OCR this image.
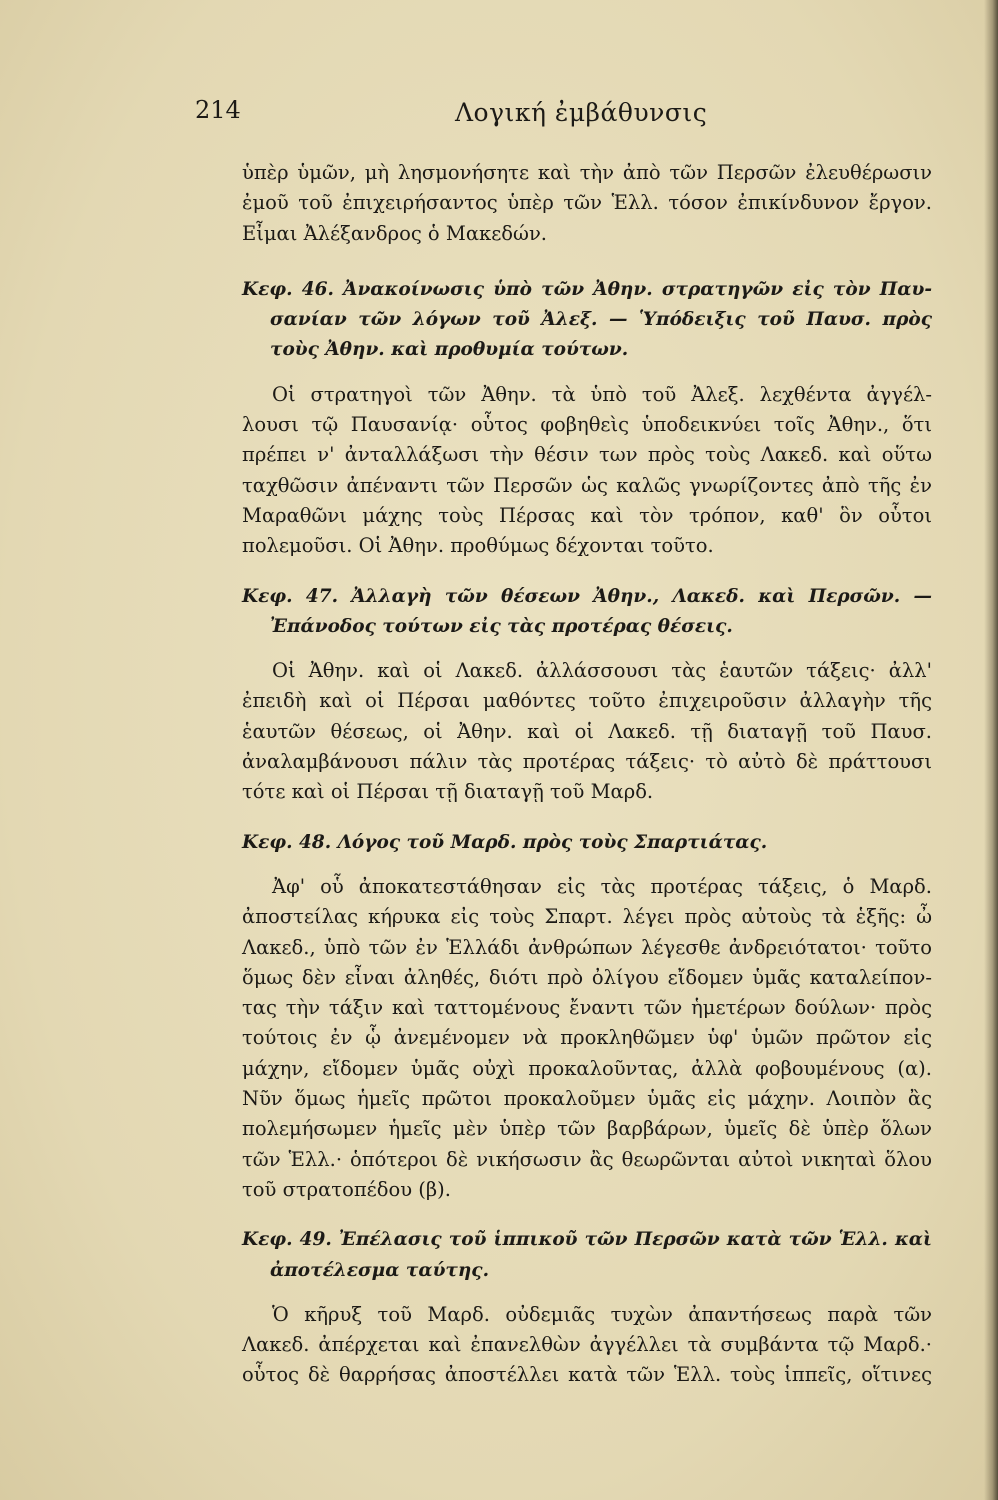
214	Λογική ἐμβάθυνσις
ὑπὲρ ὑμῶν, μὴ λησμονήσητε καὶ τὴν ἀπὸ τῶν Περσῶν ἐλευθέρωσιν
ἐμοῦ τοῦ ἐπιχειρήσαντος ὑπὲρ τῶν Ἑλλ. τόσον ἐπικίνδυνον ἔργον.
Εἶμαι Ἀλέξανδρος ὁ Μακεδών.
Κεφ. 46. Ἀνακοίνωσις ὑπὸ τῶν Ἀθην. στρατηγῶν εἰς τὸν Παυ-
σανίαν τῶν λόγων τοῦ Ἀλεξ. — Ὑπόδειξις τοῦ Παυσ. πρὸς
τοὺς Ἀθην. καὶ προθυμία τούτων.
Οἱ στρατηγοὶ τῶν Ἀθην. τὰ ὑπὸ τοῦ Ἀλεξ. λεχθέντα ἀγγέλ-
λουσι τῷ Παυσανίᾳ· οὗτος φοβηθεὶς ὑποδεικνύει τοῖς Ἀθην., ὅτι
πρέπει ν' ἀνταλλάξωσι τὴν θέσιν των πρὸς τοὺς Λακεδ. καὶ οὕτω
ταχθῶσιν ἀπέναντι τῶν Περσῶν ὡς καλῶς γνωρίζοντες ἀπὸ τῆς ἐν
Μαραθῶνι μάχης τοὺς Πέρσας καὶ τὸν τρόπον, καθ' ὃν οὗτοι
πολεμοῦσι. Οἱ Ἀθην. προθύμως δέχονται τοῦτο.
Κεφ. 47. Ἀλλαγὴ τῶν θέσεων Ἀθην., Λακεδ. καὶ Περσῶν. —
Ἐπάνοδος τούτων εἰς τὰς προτέρας θέσεις.
Οἱ Ἀθην. καὶ οἱ Λακεδ. ἀλλάσσουσι τὰς ἑαυτῶν τάξεις· ἀλλ'
ἐπειδὴ καὶ οἱ Πέρσαι μαθόντες τοῦτο ἐπιχειροῦσιν ἀλλαγὴν τῆς
ἑαυτῶν θέσεως, οἱ Ἀθην. καὶ οἱ Λακεδ. τῇ διαταγῇ τοῦ Παυσ.
ἀναλαμβάνουσι πάλιν τὰς προτέρας τάξεις· τὸ αὐτὸ δὲ πράττουσι
τότε καὶ οἱ Πέρσαι τῇ διαταγῇ τοῦ Μαρδ.
Κεφ. 48. Λόγος τοῦ Μαρδ. πρὸς τοὺς Σπαρτιάτας.
Ἀφ' οὗ ἀποκατεστάθησαν εἰς τὰς προτέρας τάξεις, ὁ Μαρδ.
ἀποστείλας κήρυκα εἰς τοὺς Σπαρτ. λέγει πρὸς αὐτοὺς τὰ ἑξῆς: ὦ
Λακεδ., ὑπὸ τῶν ἐν Ἑλλάδι ἀνθρώπων λέγεσθε ἀνδρειότατοι· τοῦτο
ὅμως δὲν εἶναι ἀληθές, διότι πρὸ ὀλίγου εἴδομεν ὑμᾶς καταλείπον-
τας τὴν τάξιν καὶ ταττομένους ἔναντι τῶν ἡμετέρων δούλων· πρὸς
τούτοις ἐν ᾧ ἀνεμένομεν νὰ προκληθῶμεν ὑφ' ὑμῶν πρῶτον εἰς
μάχην, εἴδομεν ὑμᾶς οὐχὶ προκαλοῦντας, ἀλλὰ φοβουμένους (α).
Νῦν ὅμως ἡμεῖς πρῶτοι προκαλοῦμεν ὑμᾶς εἰς μάχην. Λοιπὸν ἂς
πολεμήσωμεν ἡμεῖς μὲν ὑπὲρ τῶν βαρβάρων, ὑμεῖς δὲ ὑπὲρ ὅλων
τῶν Ἑλλ.· ὁπότεροι δὲ νικήσωσιν ἂς θεωρῶνται αὐτοὶ νικηταὶ ὅλου
τοῦ στρατοπέδου (β).
Κεφ. 49. Ἐπέλασις τοῦ ἱππικοῦ τῶν Περσῶν κατὰ τῶν Ἑλλ. καὶ
ἀποτέλεσμα ταύτης.
Ὁ κῆρυξ τοῦ Μαρδ. οὐδεμιᾶς τυχὼν ἀπαντήσεως παρὰ τῶν
Λακεδ. ἀπέρχεται καὶ ἐπανελθὼν ἀγγέλλει τὰ συμβάντα τῷ Μαρδ.·
οὗτος δὲ θαρρήσας ἀποστέλλει κατὰ τῶν Ἑλλ. τοὺς ἱππεῖς, οἵτινες
